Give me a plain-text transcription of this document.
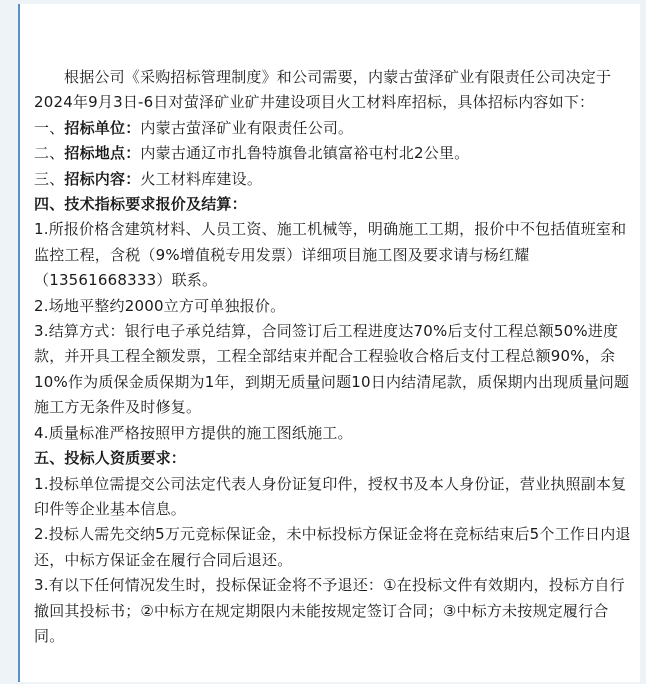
根据公司《采购招标管理制度》和公司需要，内蒙古萤泽矿业有限责任公司决定于2024年9月3日-6日对萤泽矿业矿井建设项目火工材料库招标，具体招标内容如下：

一、招标单位：内蒙古萤泽矿业有限责任公司。

二、招标地点：内蒙古通辽市扎鲁特旗鲁北镇富裕屯村北2公里。

三、招标内容：火工材料库建设。

四、技术指标要求报价及结算：

1.所报价格含建筑材料、人员工资、施工机械等，明确施工工期，报价中不包括值班室和监控工程，含税（9%增值税专用发票）详细项目施工图及要求请与杨红耀（13561668333）联系。

2.场地平整约2000立方可单独报价。

3.结算方式：银行电子承兑结算，合同签订后工程进度达70%后支付工程总额50%进度款，并开具工程全额发票，工程全部结束并配合工程验收合格后支付工程总额90%，余10%作为质保金质保期为1年，到期无质量问题10日内结清尾款，质保期内出现质量问题施工方无条件及时修复。

4.质量标准严格按照甲方提供的施工图纸施工。

五、投标人资质要求：

1.投标单位需提交公司法定代表人身份证复印件，授权书及本人身份证，营业执照副本复印件等企业基本信息。

2.投标人需先交纳5万元竞标保证金，未中标投标方保证金将在竞标结束后5个工作日内退还，中标方保证金在履行合同后退还。

3.有以下任何情况发生时，投标保证金将不予退还：①在投标文件有效期内，投标方自行撤回其投标书；②中标方在规定期限内未能按规定签订合同；③中标方未按规定履行合同。
